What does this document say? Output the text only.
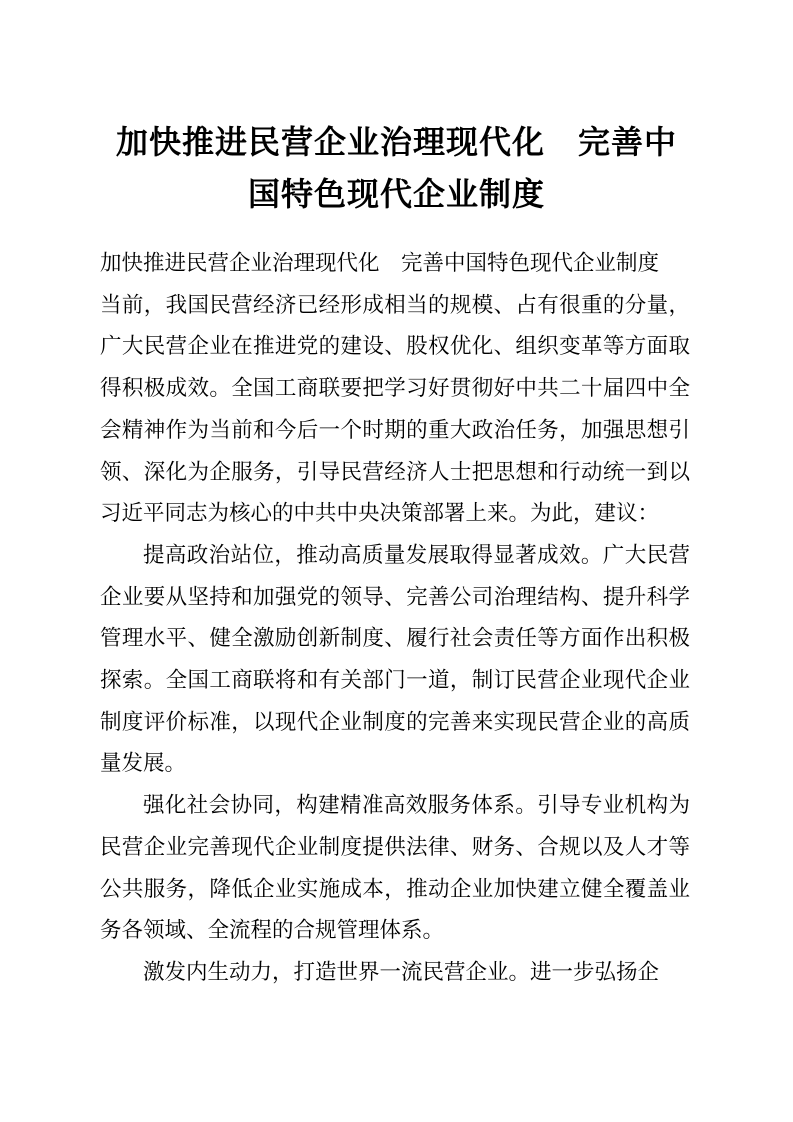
加快推进民营企业治理现代化　完善中国特色现代企业制度

加快推进民营企业治理现代化　完善中国特色现代企业制度

当前，我国民营经济已经形成相当的规模、占有很重的分量，广大民营企业在推进党的建设、股权优化、组织变革等方面取得积极成效。全国工商联要把学习好贯彻好中共二十届四中全会精神作为当前和今后一个时期的重大政治任务，加强思想引领、深化为企服务，引导民营经济人士把思想和行动统一到以习近平同志为核心的中共中央决策部署上来。为此，建议：

提高政治站位，推动高质量发展取得显著成效。广大民营企业要从坚持和加强党的领导、完善公司治理结构、提升科学管理水平、健全激励创新制度、履行社会责任等方面作出积极探索。全国工商联将和有关部门一道，制订民营企业现代企业制度评价标准，以现代企业制度的完善来实现民营企业的高质量发展。

强化社会协同，构建精准高效服务体系。引导专业机构为民营企业完善现代企业制度提供法律、财务、合规以及人才等公共服务，降低企业实施成本，推动企业加快建立健全覆盖业务各领域、全流程的合规管理体系。

激发内生动力，打造世界一流民营企业。进一步弘扬企
